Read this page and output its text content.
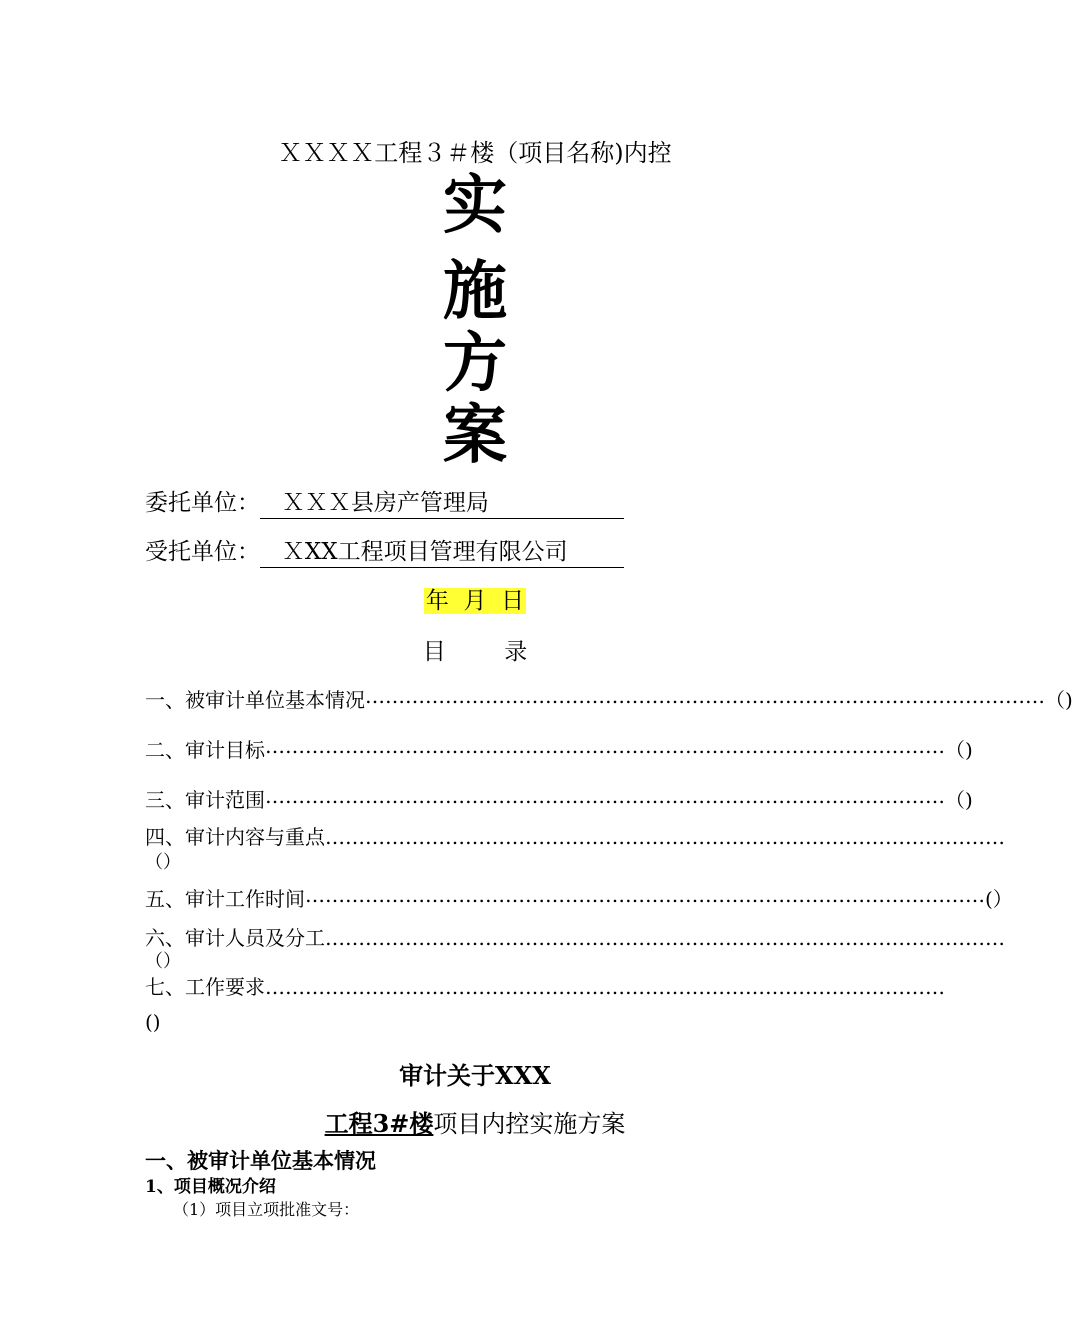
ＸＸＸＸ工程３＃楼（项目名称)内控
实
施
方
案
委托单位：   ＸＸＸ县房产管理局
受托单位：   ＸXX工程项目管理有限公司
年  月  日
目        录
一、被审计单位基本情况 ………………………………………………………………………………………… （)
二、审计目标 ………………………………………………………………………………………… （)
三、审计范围 ………………………………………………………………………………………… （)
四、审计内容与重点…………………………………………………………………………………………
（）
五、审计工作时间 ………………………………………………………………………………………… (）
六、审计人员及分工…………………………………………………………………………………………
（）
七、工作要求…………………………………………………………………………………………
()
审计关于XXX
工程3#楼项目内控实施方案
一、被审计单位基本情况
1、项目概况介绍
（1）项目立项批准文号：
